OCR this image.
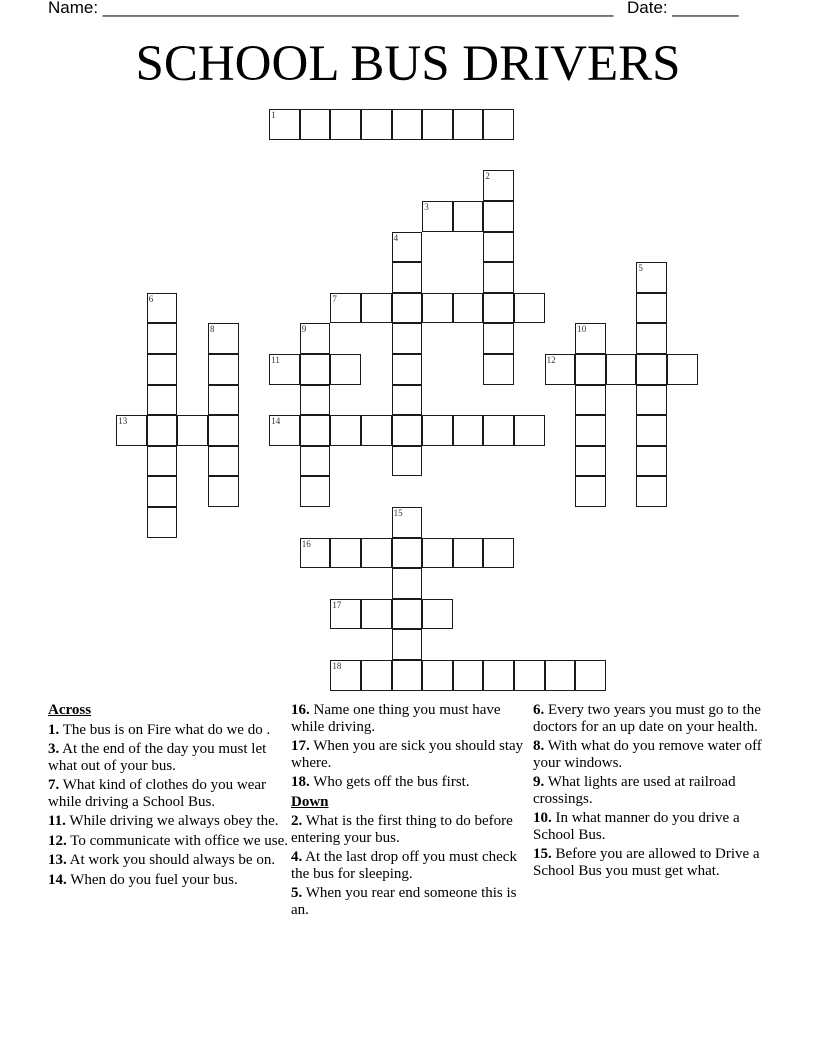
Name: ______________________________________________________ Date: _______
SCHOOL BUS DRIVERS
1
2
3
4
5
6	7
8	9	10
11	12
13	14
15
16
17
18
Across
1. The bus is on Fire what do we do .
3. At the end of the day you must let what out of your bus.
7. What kind of clothes do you wear while driving a School Bus.
11. While driving we always obey the.
12. To communicate with office we use.
13. At work you should always be on.
14. When do you fuel your bus.
16. Name one thing you must have while driving.
17. When you are sick you should stay where.
18. Who gets off the bus first.
Down
2. What is the first thing to do before entering your bus.
4. At the last drop off you must check the bus for sleeping.
5. When you rear end someone this is an.
6. Every two years you must go to the doctors for an up date on your health.
8. With what do you remove water off your windows.
9. What lights are used at railroad crossings.
10. In what manner do you drive a School Bus.
15. Before you are allowed to Drive a School Bus you must get what.
